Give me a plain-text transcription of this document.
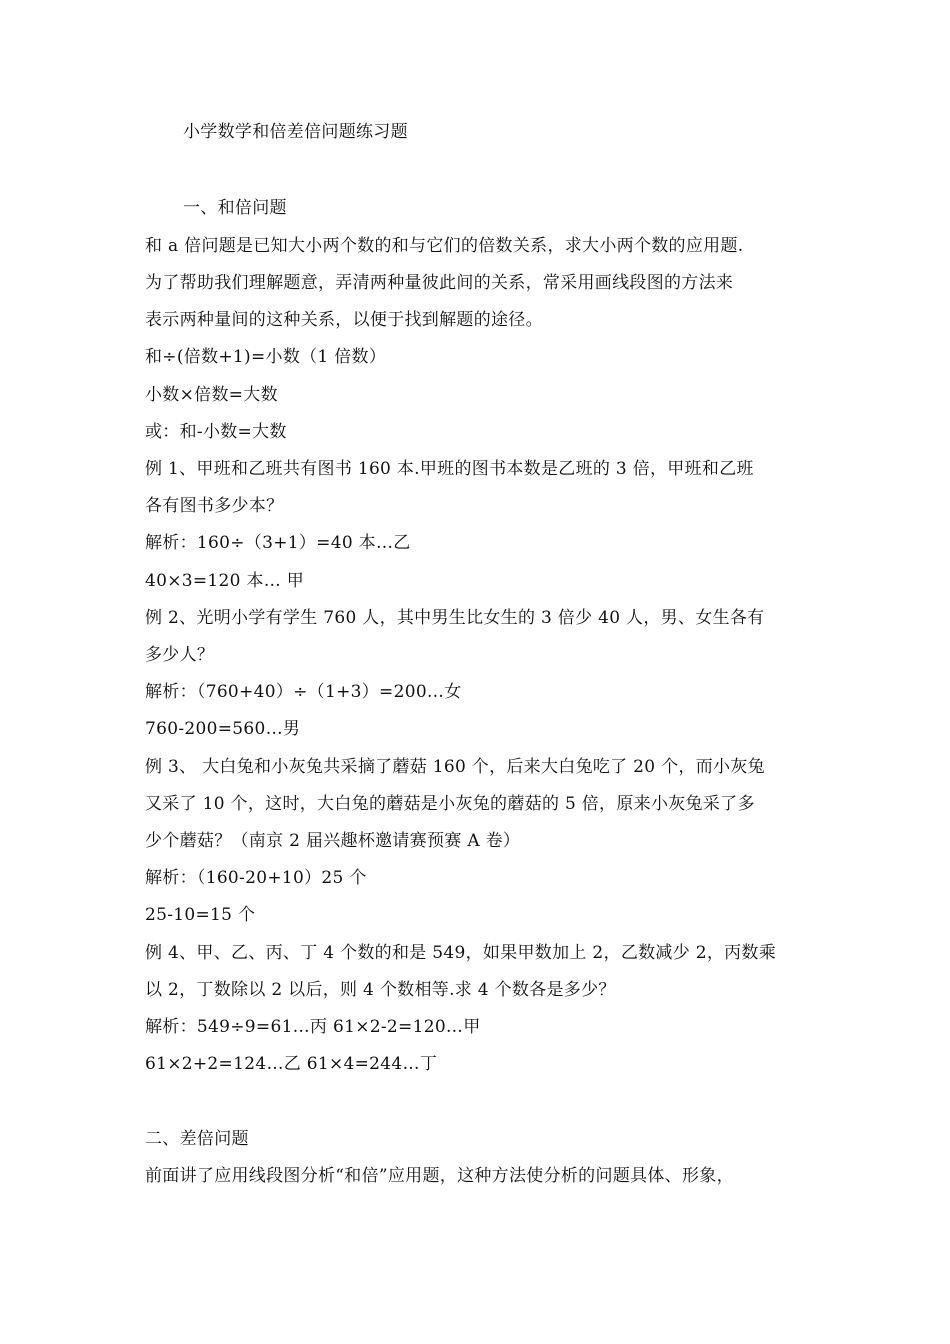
小学数学和倍差倍问题练习题
一、和倍问题
和 a 倍问题是已知大小两个数的和与它们的倍数关系，求大小两个数的应用题.
为了帮助我们理解题意，弄清两种量彼此间的关系，常采用画线段图的方法来
表示两种量间的这种关系，以便于找到解题的途径。
和÷(倍数+1)=小数（1 倍数）
小数×倍数=大数
或：和-小数=大数
例 1、甲班和乙班共有图书 160 本.甲班的图书本数是乙班的 3 倍，甲班和乙班
各有图书多少本？
解析：160÷（3+1）=40 本…乙
40×3=120 本… 甲
例 2、光明小学有学生 760 人，其中男生比女生的 3 倍少 40 人，男、女生各有
多少人？
解析：（760+40）÷（1+3）=200…女
760-200=560…男
例 3、 大白兔和小灰兔共采摘了蘑菇 160 个，后来大白兔吃了 20 个，而小灰兔
又采了 10 个，这时，大白兔的蘑菇是小灰兔的蘑菇的 5 倍，原来小灰兔采了多
少个蘑菇？（南京 2 届兴趣杯邀请赛预赛 A 卷）
解析：（160-20+10）25 个
25-10=15 个
例 4、甲、乙、丙、丁 4 个数的和是 549，如果甲数加上 2，乙数减少 2，丙数乘
以 2，丁数除以 2 以后，则 4 个数相等.求 4 个数各是多少？
解析：549÷9=61…丙 61×2-2=120…甲
61×2+2=124…乙 61×4=244…丁
二、差倍问题
前面讲了应用线段图分析“和倍”应用题，这种方法使分析的问题具体、形象，
